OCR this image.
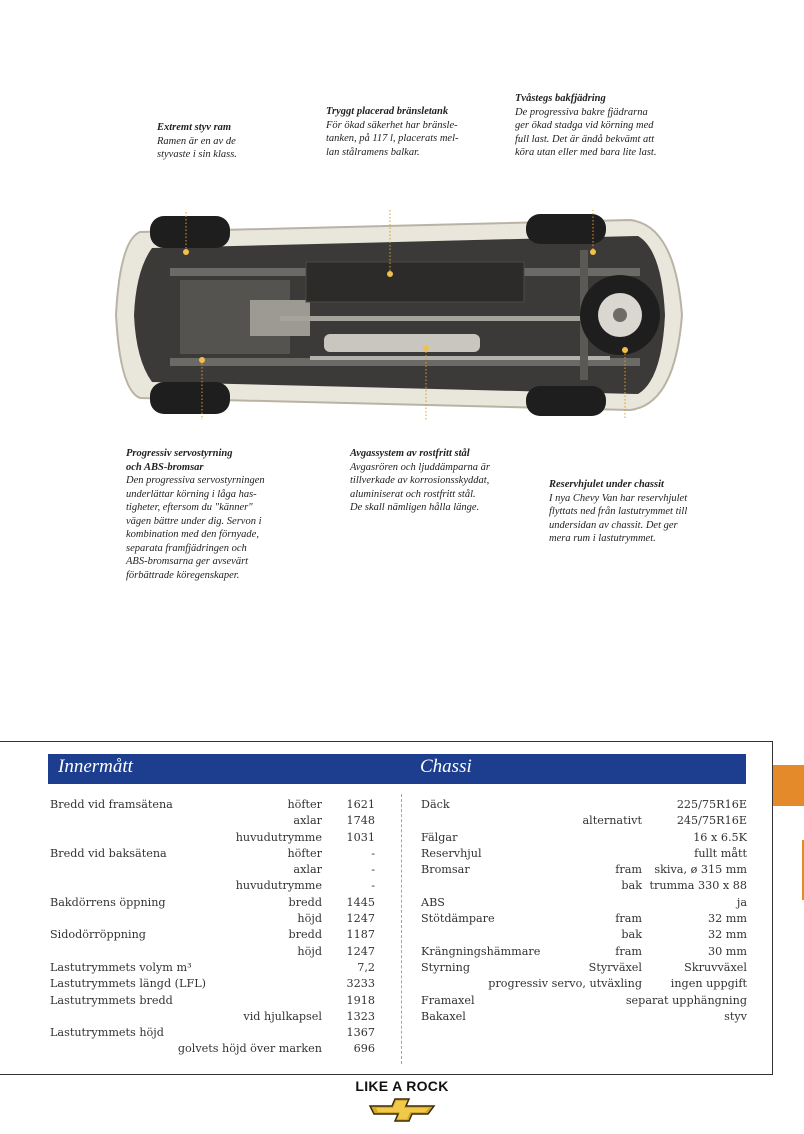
Extremt styv ram
Ramen är en av de
styvaste i sin klass.
Tryggt placerad bränsletank
För ökad säkerhet har bränsle-
tanken, på 117 l, placerats mel-
lan stålramens balkar.
Tvåstegs bakfjädring
De progressiva bakre fjädrarna
ger ökad stadga vid körning med
full last. Det är ändå bekvämt att
köra utan eller med bara lite last.
Progressiv servostyrning
och ABS-bromsar
Den progressiva servostyrningen
underlättar körning i låga has-
tigheter, eftersom du "känner"
vägen bättre under dig. Servon i
kombination med den förnyade,
separata framfjädringen och
ABS-bromsarna ger avsevärt
förbättrade köregenskaper.
Avgassystem av rostfritt stål
Avgasrören och ljuddämparna är
tillverkade av korrosionsskyddat,
aluminiserat och rostfritt stål.
De skall nämligen hålla länge.
Reservhjulet under chassit
I nya Chevy Van har reservhjulet
flyttats ned från lastutrymmet till
undersidan av chassit. Det ger
mera rum i lastutrymmet.
Innermått	Chassi
Bredd vid framsätena	höfter 1621
axlar 1748
huvudutrymme 1031
Bredd vid baksätena	höfter	-
axlar	-
huvudutrymme	-
Bakdörrens öppning	bredd 1445
höjd 1247
Sidodörröppning	bredd 1187
höjd 1247
Lastutrymmets volym m³	7,2
Lastutrymmets längd (LFL)	3233
Lastutrymmets bredd	1918
vid hjulkapsel 1323
Lastutrymmets höjd	1367
golvets höjd över marken	696
Däck	225/75R16E
alternativt	245/75R16E
Fälgar	16 x 6.5K
Reservhjul	fullt mått
Bromsar	fram skiva, ø 315 mm
bak trumma 330 x 88
ABS	ja
Stötdämpare	fram	32 mm
bak	32 mm
Krängningshämmare	fram	30 mm
Styrning	Styrväxel	Skruvväxel
progressiv servo, utväxling	ingen uppgift
Framaxel	separat upphängning
Bakaxel	styv
LIKE A ROCK
